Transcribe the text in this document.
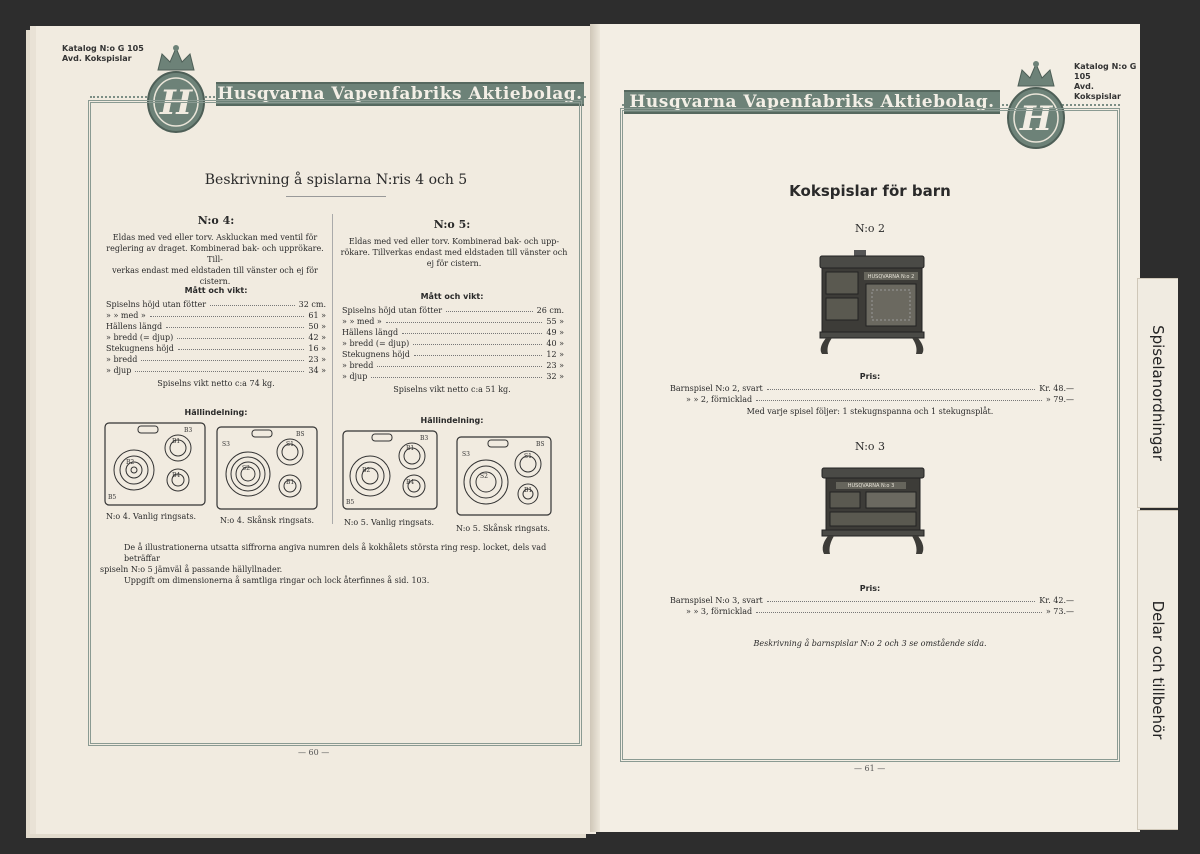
Katalog N:o G 105
Avd. Kokspislar
Husqvarna Vapenfabriks Aktiebolag.
H
Beskrivning å spislarna N:ris 4 och 5
N:o 4:
Eldas med ved eller torv. Askluckan med ventil för
reglering av draget. Kombinerad bak- och upprökare. Till-
verkas endast med eldstaden till vänster och ej för cistern.
Mått och vikt:
Spiselns höjd utan fötter	32 cm.
» » med »	61 »
Hällens längd	50 »
» bredd (= djup)	42 »
Stekugnens höjd	16 »
» bredd	23 »
» djup	34 »
Spiselns vikt netto c:a 74 kg.
N:o 5:
Eldas med ved eller torv. Kombinerad bak- och upp-
rökare. Tillverkas endast med eldstaden till vänster och
ej för cistern.
Mått och vikt:
Spiselns höjd utan fötter	26 cm.
» » med »	55 »
Hällens längd	49 »
» bredd (= djup)	40 »
Stekugnens höjd	12 »
» bredd	23 »
» djup	32 »
Spiselns vikt netto c:a 51 kg.
Hällindelning:
Hällindelning:
B1
B2
B3
B5
B4
N:o 4. Vanlig ringsats.
S1
S2
S3
B1
BS
N:o 4. Skånsk ringsats.
B1
B2
B3
B4
B5
N:o 5. Vanlig ringsats.
S1
S2
S3
B1
BS
N:o 5. Skånsk ringsats.
De å illustrationerna utsatta siffrorna angiva numren dels å kokhålets största ring resp. locket, dels vad beträffar
spiseln N:o 5 jämväl å passande hällyllnader.
Uppgift om dimensionerna å samtliga ringar och lock återfinnes å sid. 103.
— 60 —
Katalog N:o G 105
Avd. Kokspislar
Husqvarna Vapenfabriks Aktiebolag. H
Kokspislar för barn
N:o 2
HUSQVARNA N:o 2
Pris:
Barnspisel N:o 2, svart	Kr. 48.—
» » 2, förnicklad	» 79.—
Med varje spisel följer: 1 stekugnspanna och 1 stekugnsplåt.
N:o 3
HUSQVARNA N:o 3
Pris:
Barnspisel N:o 3, svart	Kr. 42.—
» » 3, förnicklad	» 73.—
Beskrivning å barnspislar N:o 2 och 3 se omstående sida.
— 61 —
Spiselanordningar
Delar och tillbehör
